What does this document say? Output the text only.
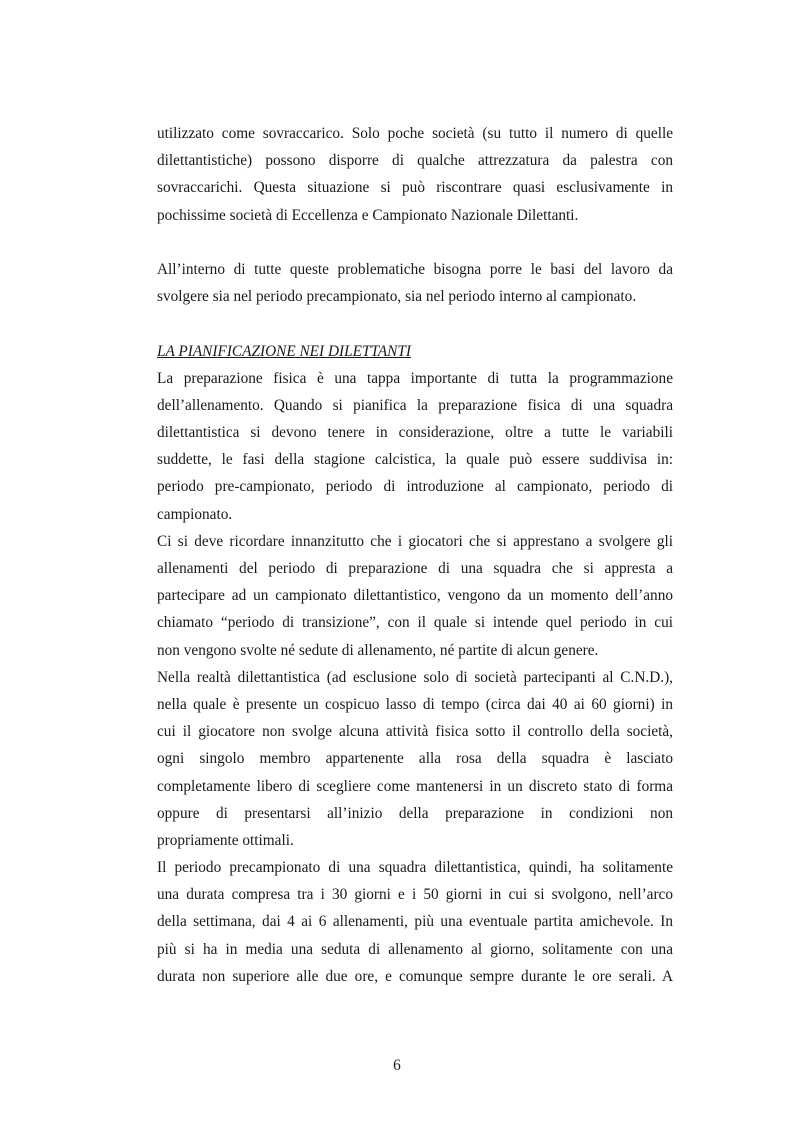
utilizzato come sovraccarico. Solo poche società (su tutto il numero di quelle
dilettantistiche) possono disporre di qualche attrezzatura da palestra con
sovraccarichi. Questa situazione si può riscontrare quasi esclusivamente in
pochissime società di Eccellenza e Campionato Nazionale Dilettanti.
All’interno di tutte queste problematiche bisogna porre le basi del lavoro da
svolgere sia nel periodo precampionato, sia nel periodo interno al campionato.
LA PIANIFICAZIONE NEI DILETTANTI
La preparazione fisica è una tappa importante di tutta la programmazione
dell’allenamento. Quando si pianifica la preparazione fisica di una squadra
dilettantistica si devono tenere in considerazione, oltre a tutte le variabili
suddette, le fasi della stagione calcistica, la quale può essere suddivisa in:
periodo pre-campionato, periodo di introduzione al campionato, periodo di
campionato.
Ci si deve ricordare innanzitutto che i giocatori che si apprestano a svolgere gli
allenamenti del periodo di preparazione di una squadra che si appresta a
partecipare ad un campionato dilettantistico, vengono da un momento dell’anno
chiamato “periodo di transizione”, con il quale si intende quel periodo in cui
non vengono svolte né sedute di allenamento, né partite di alcun genere.
Nella realtà dilettantistica (ad esclusione solo di società partecipanti al C.N.D.),
nella quale è presente un cospicuo lasso di tempo (circa dai 40 ai 60 giorni) in
cui il giocatore non svolge alcuna attività fisica sotto il controllo della società,
ogni singolo membro appartenente alla rosa della squadra è lasciato
completamente libero di scegliere come mantenersi in un discreto stato di forma
oppure di presentarsi all’inizio della preparazione in condizioni non
propriamente ottimali.
Il periodo precampionato di una squadra dilettantistica, quindi, ha solitamente
una durata compresa tra i 30 giorni e i 50 giorni in cui si svolgono, nell’arco
della settimana, dai 4 ai 6 allenamenti, più una eventuale partita amichevole. In
più si ha in media una seduta di allenamento al giorno, solitamente con una
durata non superiore alle due ore, e comunque sempre durante le ore serali. A
6
